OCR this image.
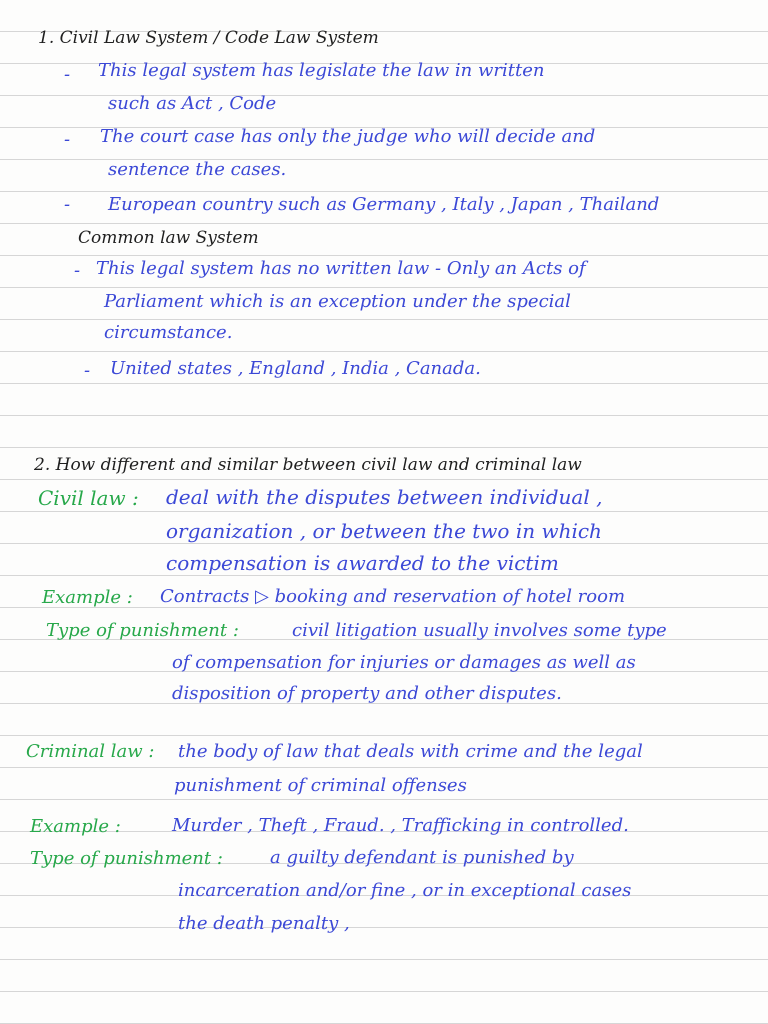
1. Civil Law System / Code Law System
- This legal system has legislate the law in written
such as Act , Code
- The court case has only the judge who will decide and
sentence the cases.
- European country such as Germany , Italy , Japan , Thailand
Common law System
- This legal system has no written law - Only an Acts of
Parliament which is an exception under the special
circumstance.
- United states , England , India , Canada.
2. How different and similar between civil law and criminal law
Civil law : deal with the disputes between individual ,
organization , or between the two in which
compensation is awarded to the victim
Example : Contracts ▷ booking and reservation of hotel room
Type of punishment :	civil litigation usually involves some type
of compensation for injuries or damages as well as
disposition of property and other disputes.
Criminal law : the body of law that deals with crime and the legal
punishment of criminal offenses
Example :	Murder , Theft , Fraud. , Trafficking in controlled.
Type of punishment :	a guilty defendant is punished by
incarceration and/or fine , or in exceptional cases
the death penalty ,
